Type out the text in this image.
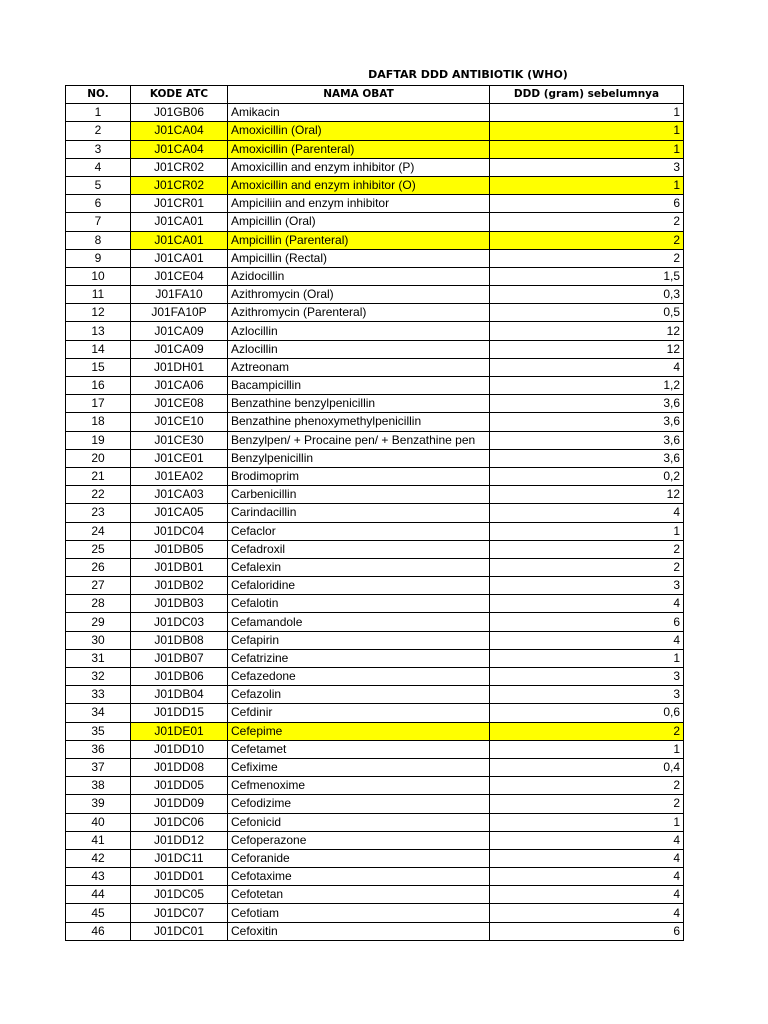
DAFTAR DDD ANTIBIOTIK (WHO)
NO.	KODE ATC	NAMA OBAT	DDD (gram) sebelumnya
1	J01GB06	Amikacin	1
2	J01CA04	Amoxicillin (Oral)	1
3	J01CA04	Amoxicillin (Parenteral)	1
4	J01CR02	Amoxicillin and enzym inhibitor (P)	3
5	J01CR02	Amoxicillin and enzym inhibitor (O)	1
6	J01CR01	Ampiciliin and enzym inhibitor	6
7	J01CA01	Ampicillin (Oral)	2
8	J01CA01	Ampicillin (Parenteral)	2
9	J01CA01	Ampicillin (Rectal)	2
10	J01CE04	Azidocillin	1,5
11	J01FA10	Azithromycin (Oral)	0,3
12	J01FA10P	Azithromycin (Parenteral)	0,5
13	J01CA09	Azlocillin	12
14	J01CA09	Azlocillin	12
15	J01DH01	Aztreonam	4
16	J01CA06	Bacampicillin	1,2
17	J01CE08	Benzathine benzylpenicillin	3,6
18	J01CE10	Benzathine phenoxymethylpenicillin	3,6
19	J01CE30	Benzylpen/ + Procaine pen/ + Benzathine pen	3,6
20	J01CE01	Benzylpenicillin	3,6
21	J01EA02	Brodimoprim	0,2
22	J01CA03	Carbenicillin	12
23	J01CA05	Carindacillin	4
24	J01DC04	Cefaclor	1
25	J01DB05	Cefadroxil	2
26	J01DB01	Cefalexin	2
27	J01DB02	Cefaloridine	3
28	J01DB03	Cefalotin	4
29	J01DC03	Cefamandole	6
30	J01DB08	Cefapirin	4
31	J01DB07	Cefatrizine	1
32	J01DB06	Cefazedone	3
33	J01DB04	Cefazolin	3
34	J01DD15	Cefdinir	0,6
35	J01DE01	Cefepime	2
36	J01DD10	Cefetamet	1
37	J01DD08	Cefixime	0,4
38	J01DD05	Cefmenoxime	2
39	J01DD09	Cefodizime	2
40	J01DC06	Cefonicid	1
41	J01DD12	Cefoperazone	4
42	J01DC11	Ceforanide	4
43	J01DD01	Cefotaxime	4
44	J01DC05	Cefotetan	4
45	J01DC07	Cefotiam	4
46	J01DC01	Cefoxitin	6
